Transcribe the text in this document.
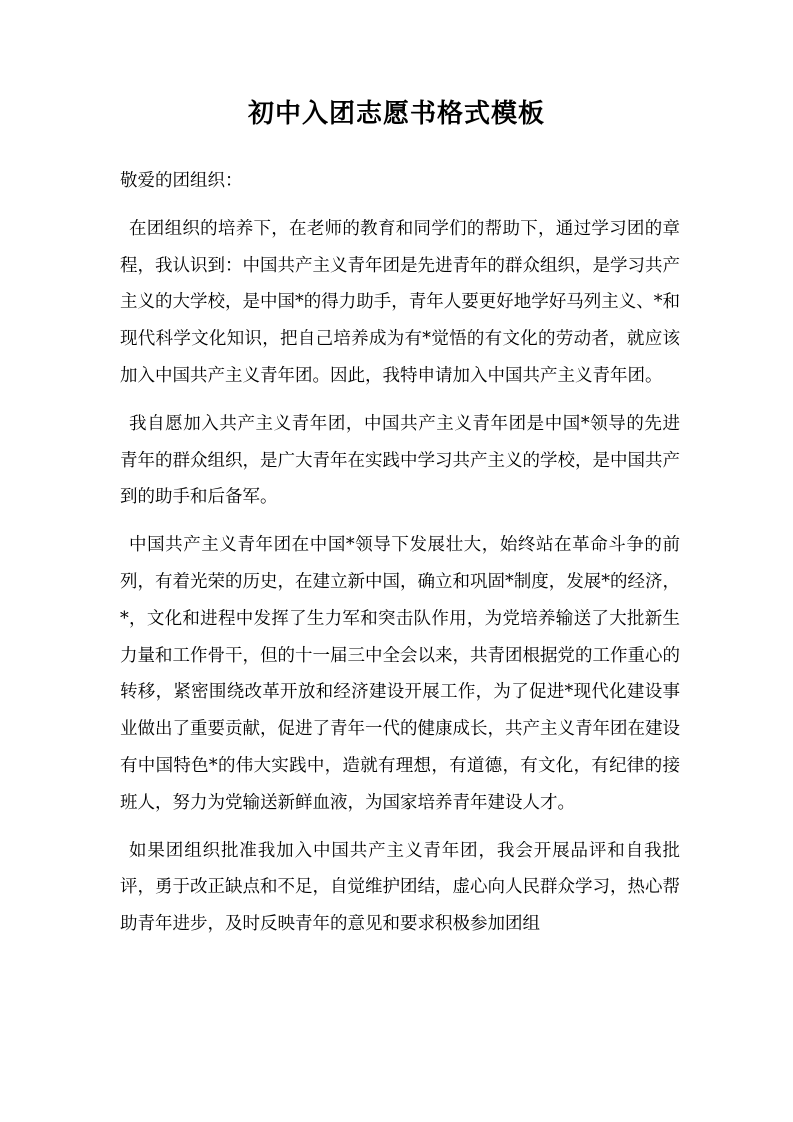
初中入团志愿书格式模板

敬爱的团组织：

在团组织的培养下，在老师的教育和同学们的帮助下，通过学习团的章程，我认识到：中国共产主义青年团是先进青年的群众组织，是学习共产主义的大学校，是中国*的得力助手，青年人要更好地学好马列主义、*和现代科学文化知识，把自己培养成为有*觉悟的有文化的劳动者，就应该加入中国共产主义青年团。因此，我特申请加入中国共产主义青年团。

我自愿加入共产主义青年团，中国共产主义青年团是中国*领导的先进青年的群众组织，是广大青年在实践中学习共产主义的学校，是中国共产到的助手和后备军。

中国共产主义青年团在中国*领导下发展壮大，始终站在革命斗争的前列，有着光荣的历史，在建立新中国，确立和巩固*制度，发展*的经济，*，文化和进程中发挥了生力军和突击队作用，为党培养输送了大批新生力量和工作骨干，但的十一届三中全会以来，共青团根据党的工作重心的转移，紧密围绕改革开放和经济建设开展工作，为了促进*现代化建设事业做出了重要贡献，促进了青年一代的健康成长，共产主义青年团在建设有中国特色*的伟大实践中，造就有理想，有道德，有文化，有纪律的接班人，努力为党输送新鲜血液，为国家培养青年建设人才。

如果团组织批准我加入中国共产主义青年团，我会开展品评和自我批评，勇于改正缺点和不足，自觉维护团结，虚心向人民群众学习，热心帮助青年进步，及时反映青年的意见和要求积极参加团组
